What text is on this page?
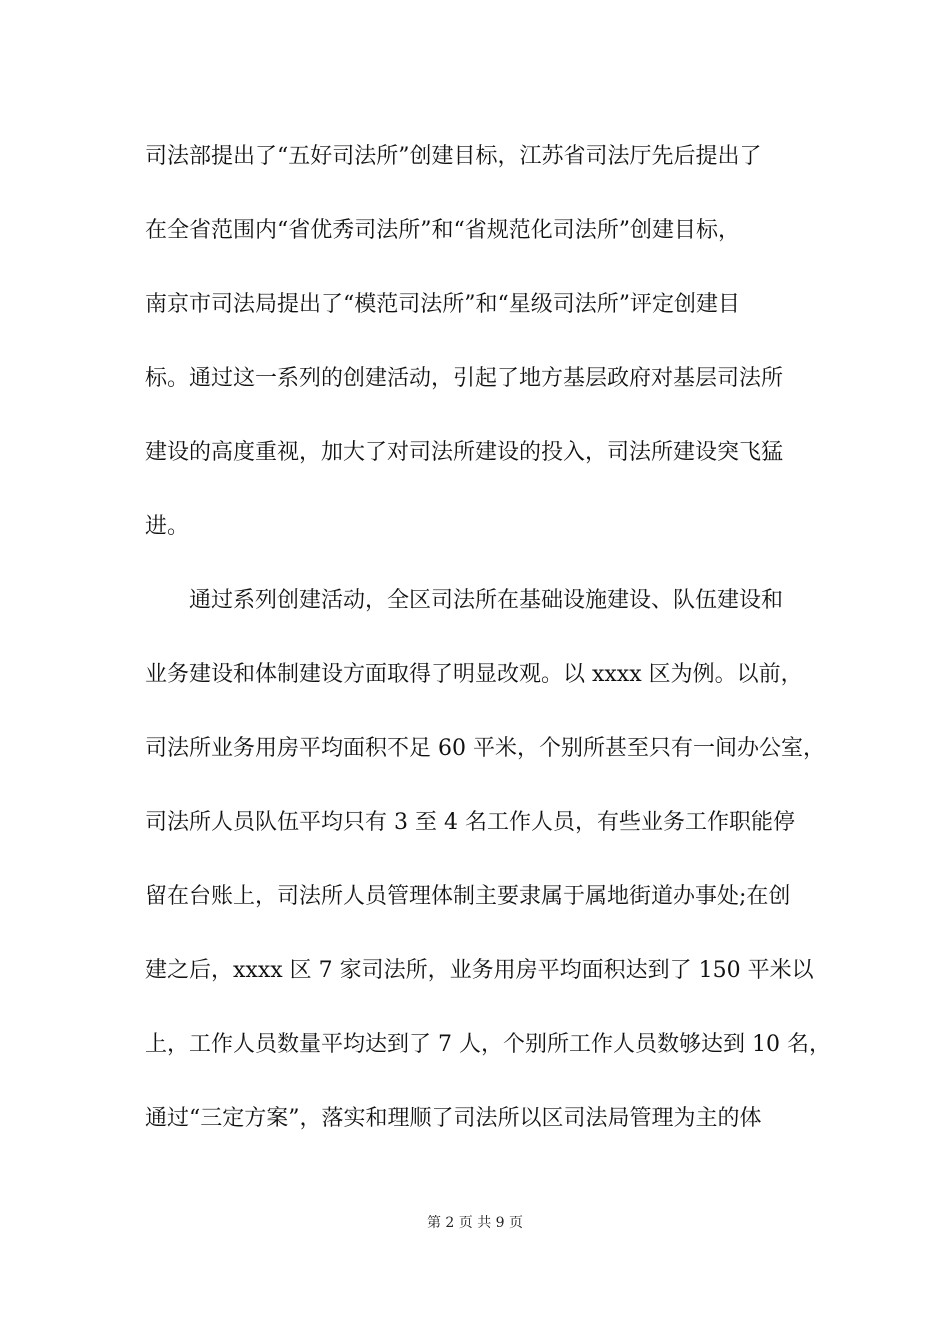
司法部提出了“五好司法所”创建目标，江苏省司法厅先后提出了
在全省范围内“省优秀司法所”和“省规范化司法所”创建目标，
南京市司法局提出了“模范司法所”和“星级司法所”评定创建目
标。通过这一系列的创建活动，引起了地方基层政府对基层司法所
建设的高度重视，加大了对司法所建设的投入，司法所建设突飞猛
进。
通过系列创建活动，全区司法所在基础设施建设、队伍建设和
业务建设和体制建设方面取得了明显改观。以 xxxx 区为例。以前，
司法所业务用房平均面积不足 60 平米，个别所甚至只有一间办公室，
司法所人员队伍平均只有 3 至 4 名工作人员，有些业务工作职能停
留在台账上，司法所人员管理体制主要隶属于属地街道办事处;在创
建之后，xxxx 区 7 家司法所，业务用房平均面积达到了 150 平米以
上，工作人员数量平均达到了 7 人，个别所工作人员数够达到 10 名，
通过“三定方案”，落实和理顺了司法所以区司法局管理为主的体
第 2 页 共 9 页
